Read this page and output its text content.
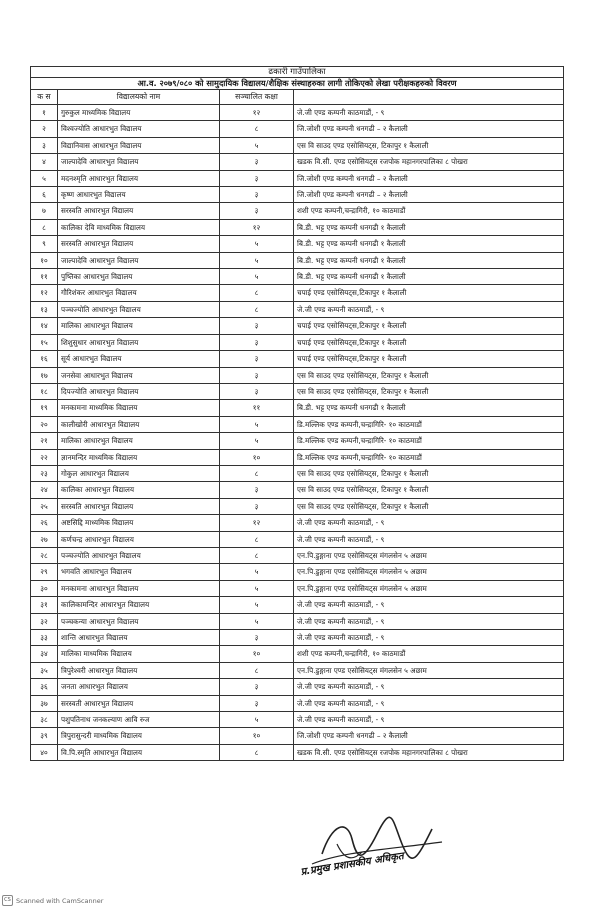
ढकारी गाउँपालिका
आ.व. २०७९/०८० को सामुदायिक विद्यालय/शैक्षिक संस्थाहरुका लागी तोकिएको लेखा परीक्षकहरुको विवरण
क स	विद्यालयको नाम	सञ्चालित कक्षा	
१	गुरुकुल माध्यमिक विद्यालय	१२	जे.जी एण्ड कम्पनी काठमाडौं, - ९
२	विश्वज्योति आधारभुत विद्यालय	८	जि.जोशी एण्ड कम्पनी धनगढी – २ कैलाली
३	विद्यानिवास आधारभुत विद्यालय	५	एस वि साउद एण्ड एसोसियट्स, टिकापुर १ कैलाली
४	जाल्पादेवि आधारभुत विद्यालय	३	खडक वि.सी. एण्ड एसोसियट्स रजपोक महानगरपालिका ८ पोखरा
५	मदनश्मृति आधारभुत विद्यालय	३	जि.जोशी एण्ड कम्पनी धनगढी – २ कैलाली
६	कृष्ण आधारभुत विद्यालय	३	जि.जोशी एण्ड कम्पनी धनगढी – २ कैलाली
७	सरस्वति आधारभुत विद्यालय	३	शशी एण्ड कम्पनी,चन्द्रागिरी, १० काठमाडौं
८	कालिका देवि माध्यमिक विद्यालय	१२	बि.डी. भट्ट एण्ड कम्पनी धनगढी १ कैलाली
९	सरस्वति आधारभुत विद्यालय	५	बि.डी. भट्ट एण्ड कम्पनी धनगढी १ कैलाली
१०	जाल्पादेवि आधारभुत विद्यालय	५	बि.डी. भट्ट एण्ड कम्पनी धनगढी १ कैलाली
११	पुष्तिका आधारभुत विद्यालय	५	बि.डी. भट्ट एण्ड कम्पनी धनगढी १ कैलाली
१२	गौरिशंकर आधारभुत विद्यालय	८	चपाई एण्ड एसोसियट्स,टिकापुर १ कैलाली
१३	पञ्चज्योति आधारभुत विद्यालय	८	जे.जी एण्ड कम्पनी काठमाडौं, - ९
१४	मालिका आधारभुत विद्यालय	३	चपाई एण्ड एसोसियट्स,टिकापुर १ कैलाली
१५	शिशुसुधार आधारभुत विद्यालय	३	चपाई एण्ड एसोसियट्स,टिकापुर १ कैलाली
१६	सूर्य आधारभुत विद्यालय	३	चपाई एण्ड एसोसियट्स,टिकापुर १ कैलाली
१७	जनसेवा आधारभुत विद्यालय	३	एस वि साउद एण्ड एसोसियट्स, टिकापुर १ कैलाली
१८	दिपज्योति आधारभुत विद्यालय	३	एस वि साउद एण्ड एसोसियट्स, टिकापुर १ कैलाली
१९	मनकामना माध्यमिक विद्यालय	११	बि.डी. भट्ट एण्ड कम्पनी धनगढी १ कैलाली
२०	कालीखोरी आधारभुत विद्यालय	५	डि.मल्लिक एण्ड कम्पनी,चन्द्रागिरि- १० काठमाडौं
२१	मालिका आधारभुत विद्यालय	५	डि.मल्लिक एण्ड कम्पनी,चन्द्रागिरि- १० काठमाडौं
२२	ज्ञानमन्दिर माध्यमिक विद्यालय	१०	डि.मल्लिक एण्ड कम्पनी,चन्द्रागिरि- १० काठमाडौं
२३	गोकुल आधारभुत विद्यालय	८	एस वि साउद एण्ड एसोसियट्स, टिकापुर १ कैलाली
२४	कालिका आधारभुत विद्यालय	३	एस वि साउद एण्ड एसोसियट्स, टिकापुर १ कैलाली
२५	सरस्वति आधारभुत विद्यालय	३	एस वि साउद एण्ड एसोसियट्स, टिकापुर १ कैलाली
२६	अष्टसिद्दि माध्यमिक विद्यालय	१२	जे.जी एण्ड कम्पनी काठमाडौं, - ९
२७	कर्णचन्द्र आधारभुत विद्यालय	८	जे.जी एण्ड कम्पनी काठमाडौं, - ९
२८	पञ्चज्योति आधारभुत विद्यालय	८	एन.पि.डुङ्गाना एण्ड एसोसियट्स मंगलसेन ५ अछाम
२९	भगवति आधारभुत विद्यालय	५	एन.पि.डुङ्गाना एण्ड एसोसियट्स मंगलसेन ५ अछाम
३०	मनकामना आधारभुत विद्यालय	५	एन.पि.डुङ्गाना एण्ड एसोसियट्स मंगलसेन ५ अछाम
३१	कालिकामन्दिर आधारभुत विद्यालय	५	जे.जी एण्ड कम्पनी काठमाडौं, - ९
३२	पञ्चकन्या आधारभुत विद्यालय	५	जे.जी एण्ड कम्पनी काठमाडौं, - ९
३३	शान्ति आधारभुत विद्यालय	३	जे.जी एण्ड कम्पनी काठमाडौं, - ९
३४	मालिका माध्यमिक विद्यालय	१०	शशी एण्ड कम्पनी,चन्द्रागिरी, १० काठमाडौं
३५	त्रिपुरेश्वरी आधारभुत विद्यालय	८	एन.पि.डुङ्गाना एण्ड एसोसियट्स मंगलसेन ५ अछाम
३६	जनता आधारभुत विद्यालय	३	जे.जी एण्ड कम्पनी काठमाडौं, - ९
३७	सरस्वती आधारभुत विद्यालय	३	जे.जी एण्ड कम्पनी काठमाडौं, - ९
३८	पशुपतिनाथ जनकल्याण आवि रुज	५	जे.जी एण्ड कम्पनी काठमाडौं, - ९
३९	त्रिपुरासुन्दरी माध्यमिक विद्यालय	१०	जि.जोशी एण्ड कम्पनी धनगढी – २ कैलाली
४०	वि.पि.स्मृति आधारभुत विद्यालय	८	खडक वि.सी. एण्ड एसोसियट्स रजपोक महानगरपालिका ८ पोखरा
प्र.प्रमुख प्रशासकीय अधिकृत
CS Scanned with CamScanner
